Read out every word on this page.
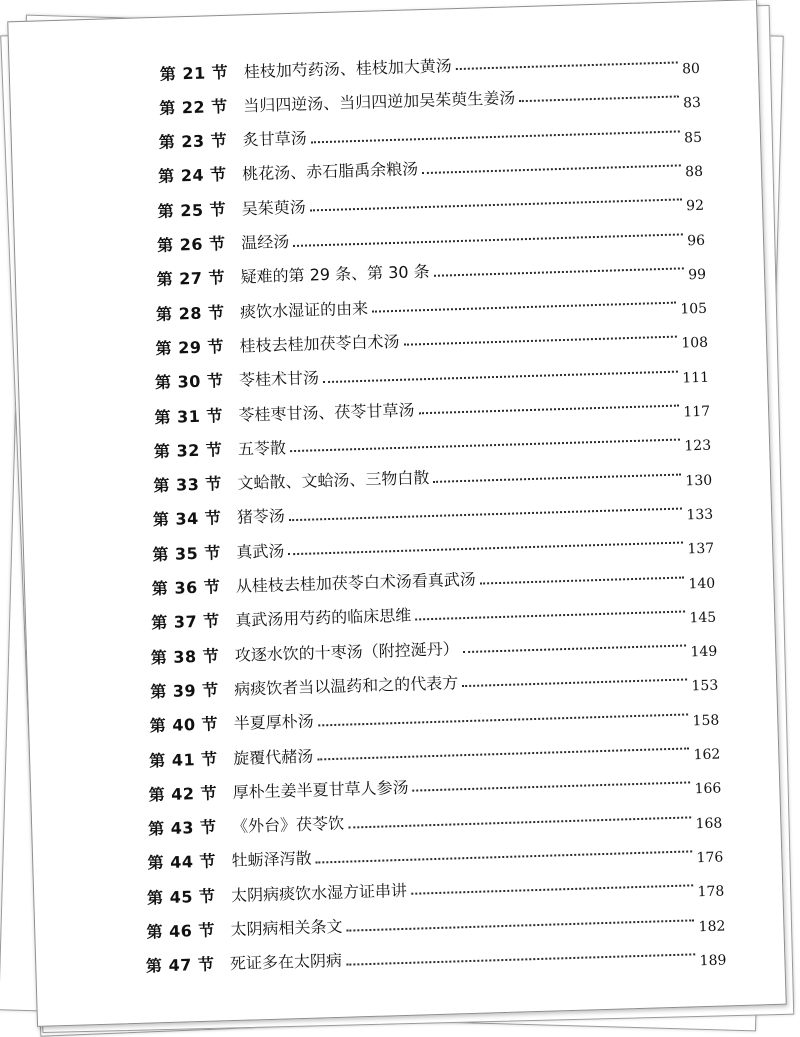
第 21 节 桂枝加芍药汤、桂枝加大黄汤	80
第 22 节 当归四逆汤、当归四逆加吴茱萸生姜汤	83
第 23 节 炙甘草汤	85
第 24 节 桃花汤、赤石脂禹余粮汤	88
第 25 节 吴茱萸汤	92
第 26 节 温经汤	96
第 27 节 疑难的第 29 条、第 30 条	99
第 28 节 痰饮水湿证的由来	105
第 29 节 桂枝去桂加茯苓白术汤	108
第 30 节 苓桂术甘汤	111
第 31 节 苓桂枣甘汤、茯苓甘草汤	117
第 32 节 五苓散	123
第 33 节 文蛤散、文蛤汤、三物白散	130
第 34 节 猪苓汤	133
第 35 节 真武汤	137
第 36 节 从桂枝去桂加茯苓白术汤看真武汤	140
第 37 节 真武汤用芍药的临床思维	145
第 38 节 攻逐水饮的十枣汤（附控涎丹）	149
第 39 节 病痰饮者当以温药和之的代表方	153
第 40 节 半夏厚朴汤	158
第 41 节 旋覆代赭汤	162
第 42 节 厚朴生姜半夏甘草人参汤	166
第 43 节 《外台》茯苓饮	168
第 44 节 牡蛎泽泻散	176
第 45 节 太阴病痰饮水湿方证串讲	178
第 46 节 太阴病相关条文	182
第 47 节 死证多在太阴病	189
